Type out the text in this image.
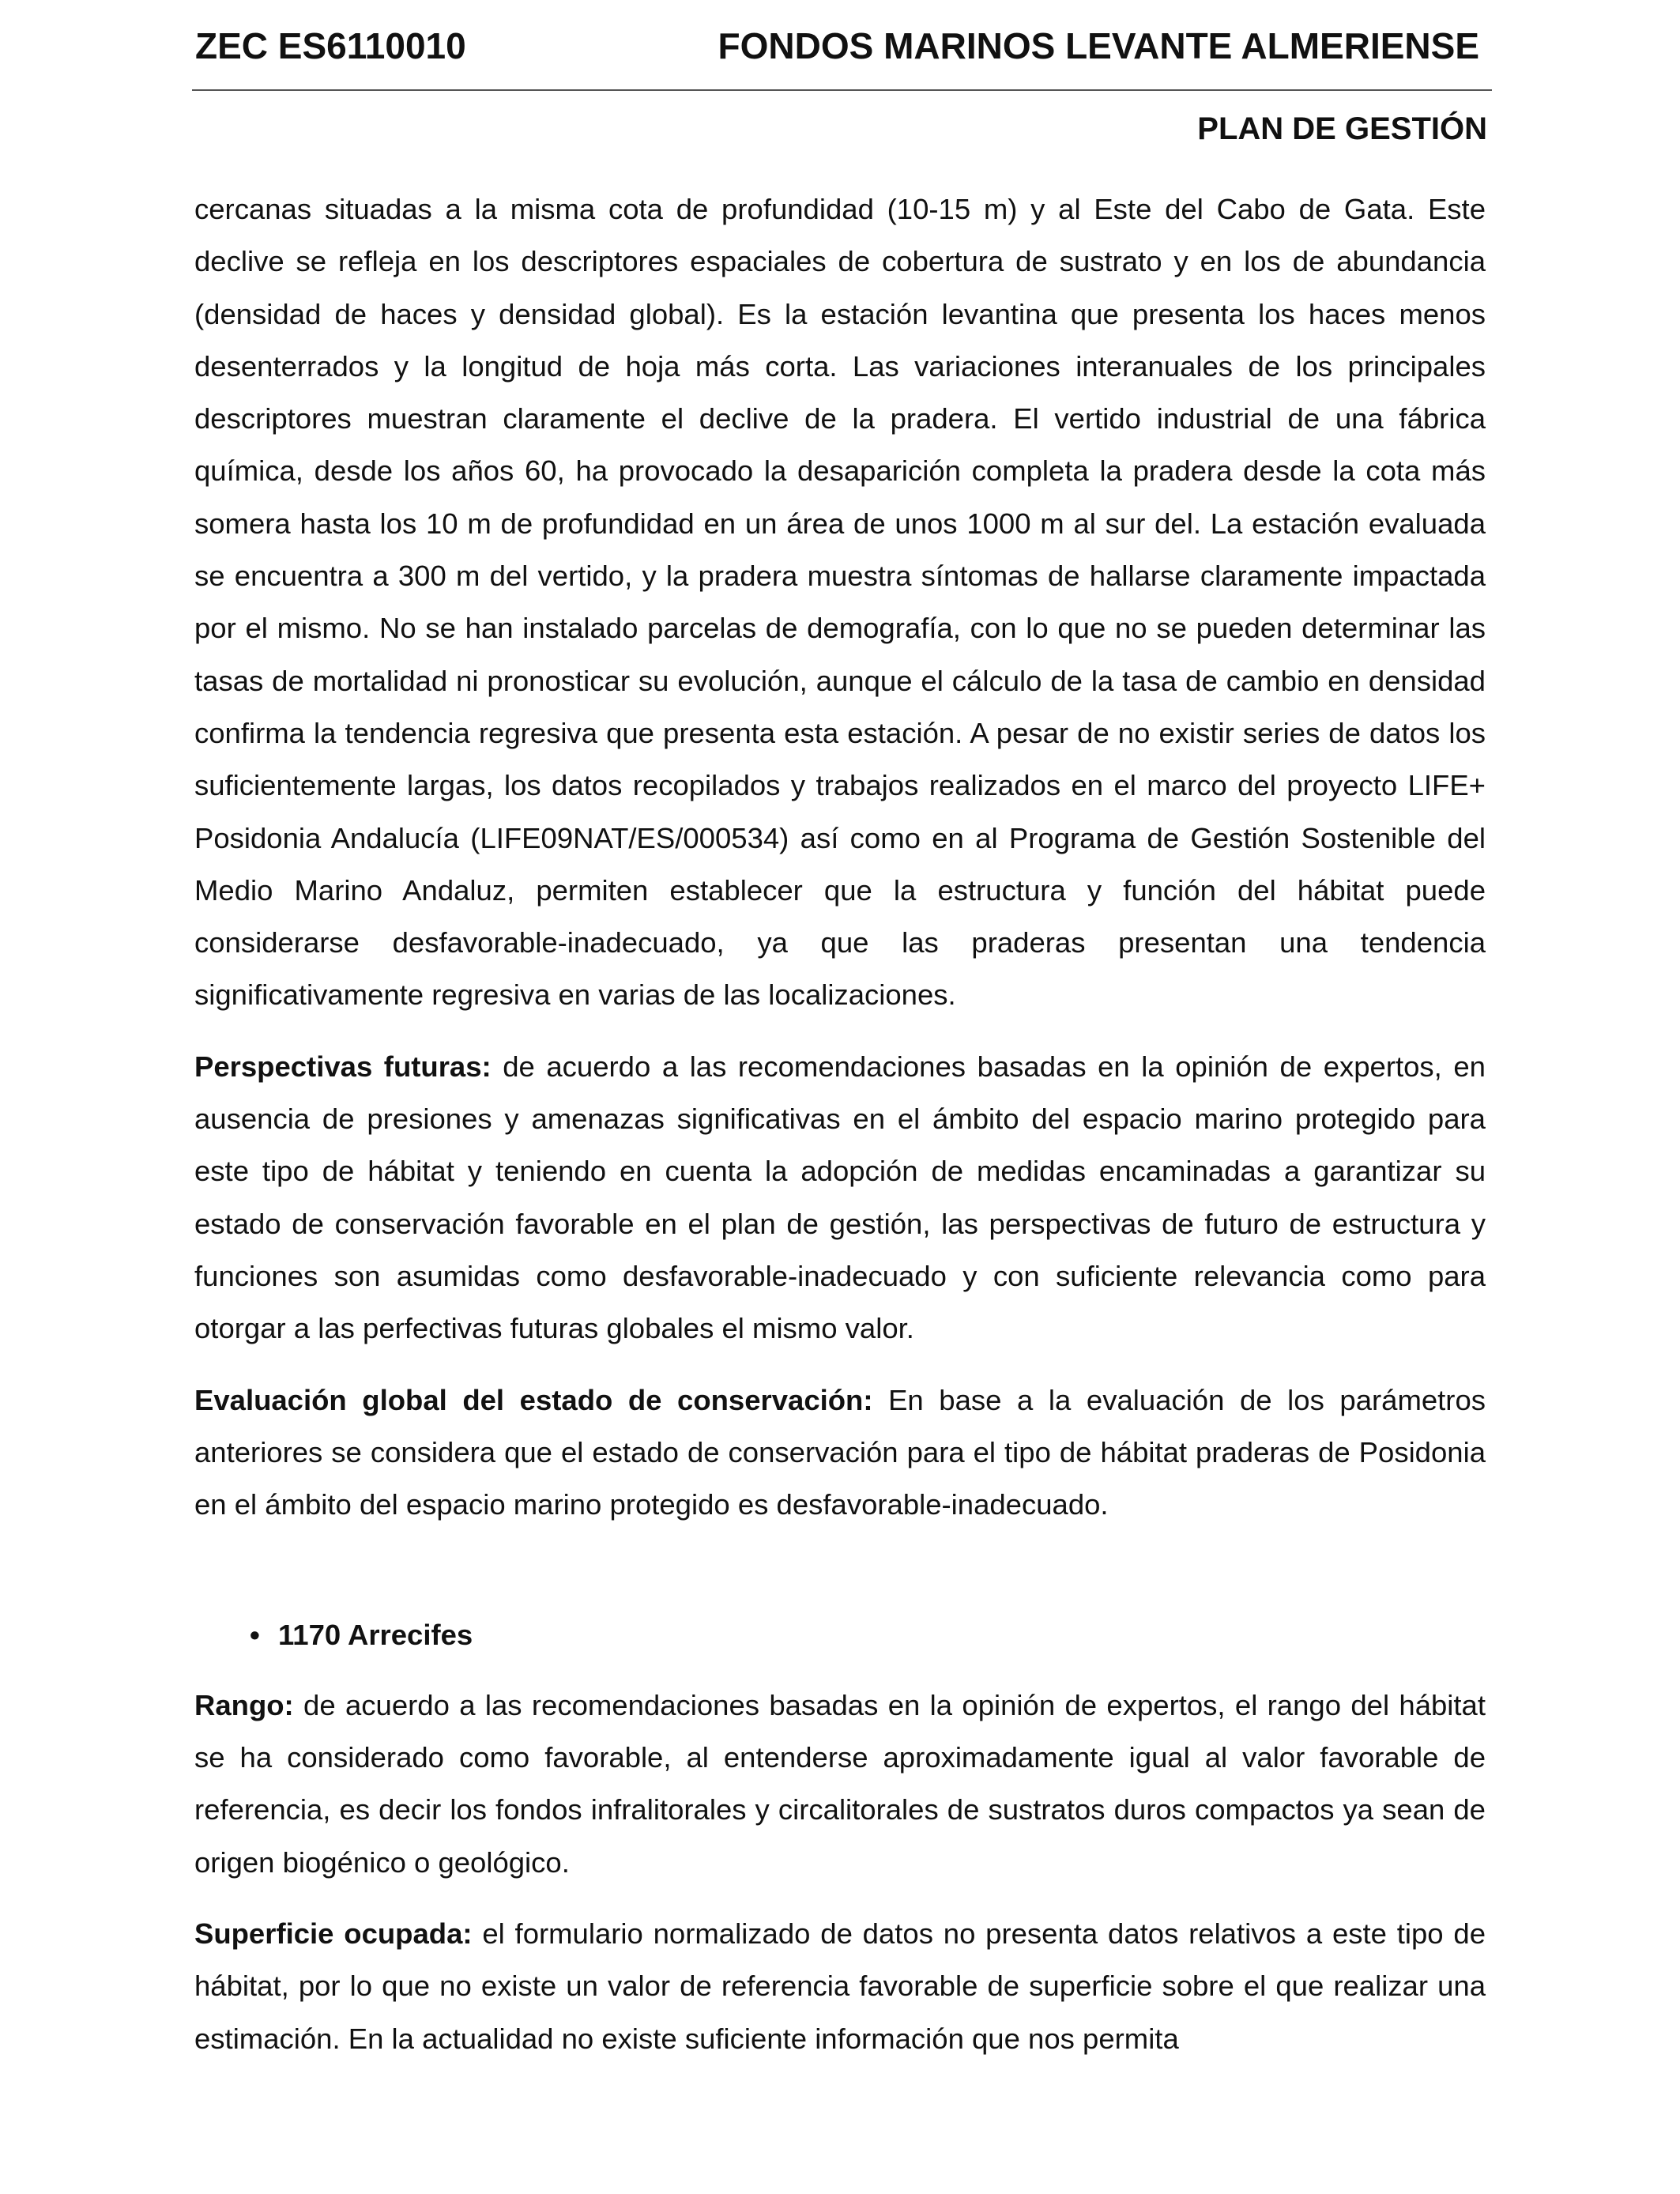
ZEC ES6110010	FONDOS MARINOS LEVANTE ALMERIENSE
PLAN DE GESTIÓN

cercanas situadas a la misma cota de profundidad (10-15 m) y al Este del Cabo de Gata. Este declive se refleja en los descriptores espaciales de cobertura de sustrato y en los de abundancia (densidad de haces y densidad global). Es la estación levantina que presenta los haces menos desenterrados y la longitud de hoja más corta. Las variaciones interanuales de los principales descriptores muestran claramente el declive de la pradera. El vertido industrial de una fábrica química, desde los años 60, ha provocado la desaparición completa la pradera desde la cota más somera hasta los 10 m de profundidad en un área de unos 1000 m al sur del. La estación evaluada se encuentra a 300 m del vertido, y la pradera muestra síntomas de hallarse claramente impactada por el mismo. No se han instalado parcelas de demografía, con lo que no se pueden determinar las tasas de mortalidad ni pronosticar su evolución, aunque el cálculo de la tasa de cambio en densidad confirma la tendencia regresiva que presenta esta estación. A pesar de no existir series de datos los suficientemente largas, los datos recopilados y trabajos realizados en el marco del proyecto LIFE+ Posidonia Andalucía (LIFE09NAT/ES/000534) así como en al Programa de Gestión Sostenible del Medio Marino Andaluz, permiten establecer que la estructura y función del hábitat puede considerarse desfavorable-inadecuado, ya que las praderas presentan una tendencia significativamente regresiva en varias de las localizaciones.

Perspectivas futuras: de acuerdo a las recomendaciones basadas en la opinión de expertos, en ausencia de presiones y amenazas significativas en el ámbito del espacio marino protegido para este tipo de hábitat y teniendo en cuenta la adopción de medidas encaminadas a garantizar su estado de conservación favorable en el plan de gestión, las perspectivas de futuro de estructura y funciones son asumidas como desfavorable-inadecuado y con suficiente relevancia como para otorgar a las perfectivas futuras globales el mismo valor.

Evaluación global del estado de conservación: En base a la evaluación de los parámetros anteriores se considera que el estado de conservación para el tipo de hábitat praderas de Posidonia en el ámbito del espacio marino protegido es desfavorable-inadecuado.

• 1170 Arrecifes

Rango: de acuerdo a las recomendaciones basadas en la opinión de expertos, el rango del hábitat se ha considerado como favorable, al entenderse aproximadamente igual al valor favorable de referencia, es decir los fondos infralitorales y circalitorales de sustratos duros compactos ya sean de origen biogénico o geológico.

Superficie ocupada: el formulario normalizado de datos no presenta datos relativos a este tipo de hábitat, por lo que no existe un valor de referencia favorable de superficie sobre el que realizar una estimación. En la actualidad no existe suficiente información que nos permita
